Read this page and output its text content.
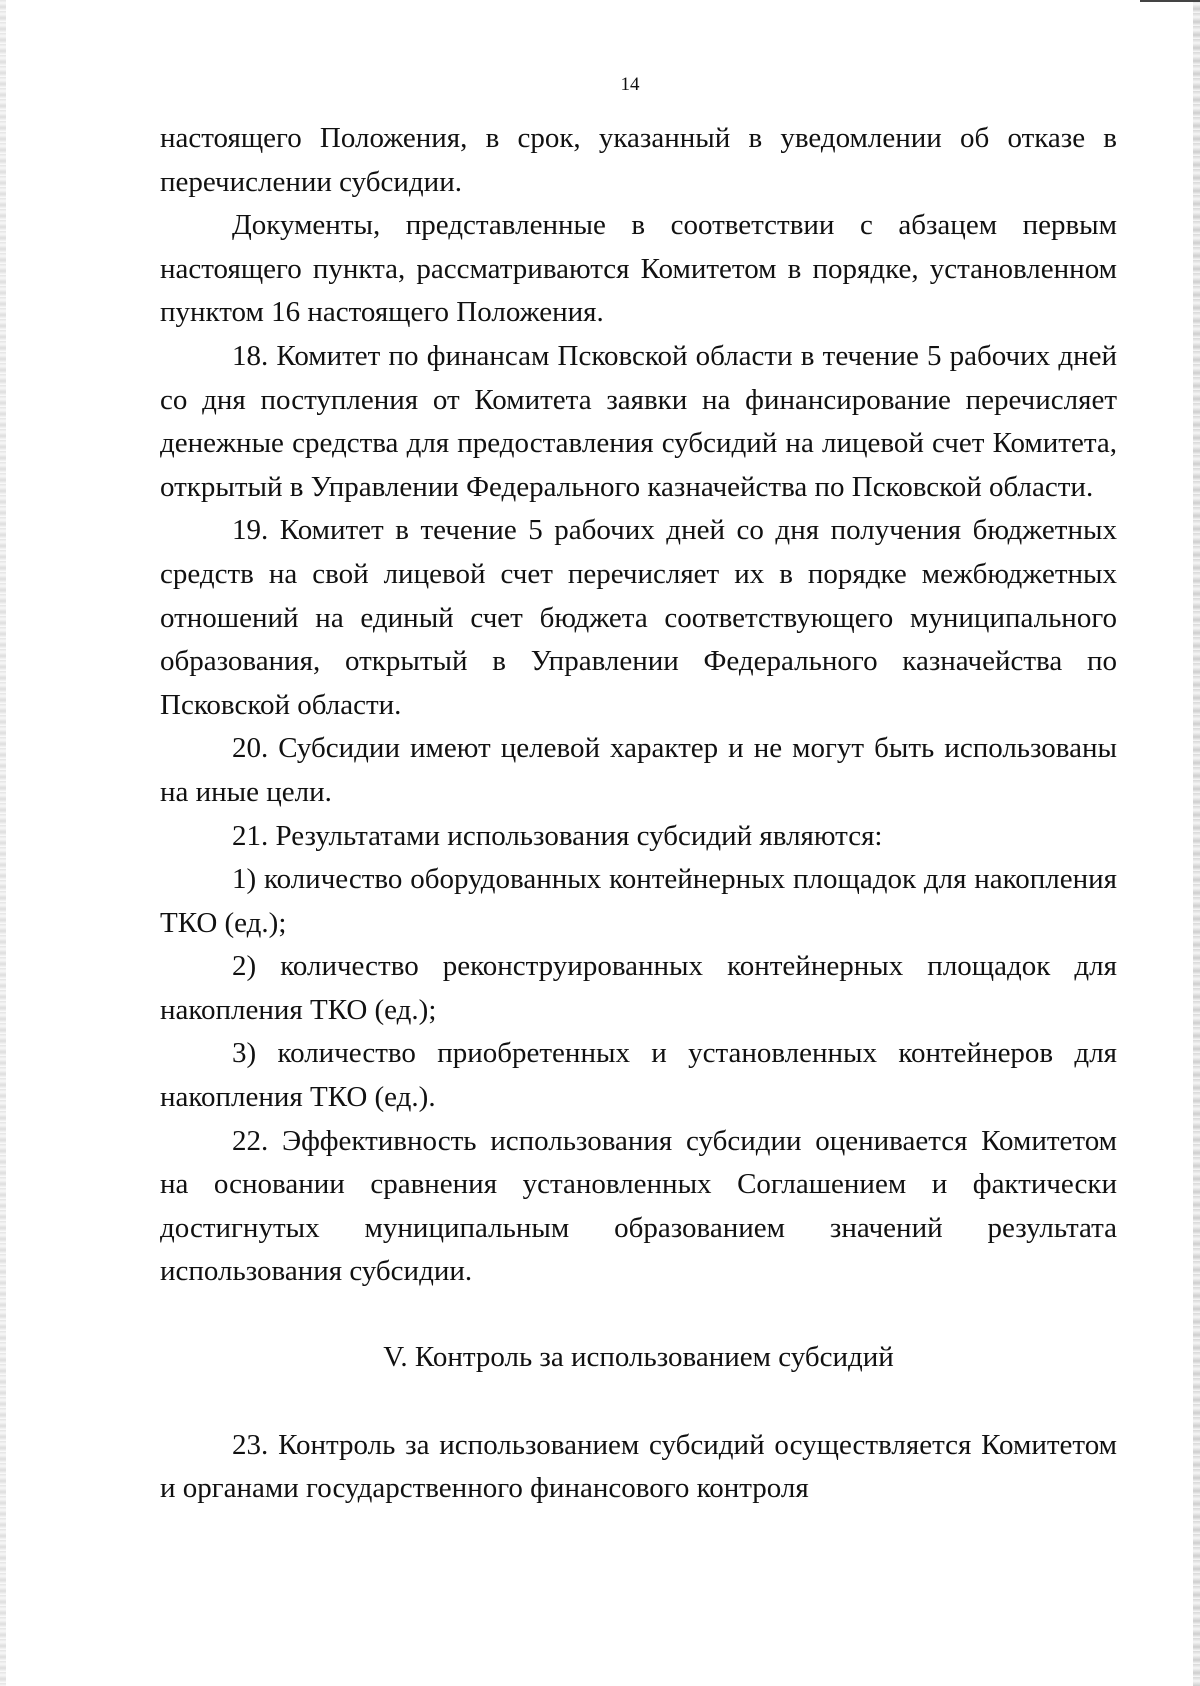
14

настоящего Положения, в срок, указанный в уведомлении об отказе в перечислении субсидии.

Документы, представленные в соответствии с абзацем первым настоящего пункта, рассматриваются Комитетом в порядке, установленном пунктом 16 настоящего Положения.

18. Комитет по финансам Псковской области в течение 5 рабочих дней со дня поступления от Комитета заявки на финансирование перечисляет денежные средства для предоставления субсидий на лицевой счет Комитета, открытый в Управлении Федерального казначейства по Псковской области.

19. Комитет в течение 5 рабочих дней со дня получения бюджетных средств на свой лицевой счет перечисляет их в порядке межбюджетных отношений на единый счет бюджета соответствующего муниципального образования, открытый в Управлении Федерального казначейства по Псковской области.

20. Субсидии имеют целевой характер и не могут быть использованы на иные цели.

21. Результатами использования субсидий являются:

1) количество оборудованных контейнерных площадок для накопления ТКО (ед.);

2) количество реконструированных контейнерных площадок для накопления ТКО (ед.);

3) количество приобретенных и установленных контейнеров для накопления ТКО (ед.).

22. Эффективность использования субсидии оценивается Комитетом на основании сравнения установленных Соглашением и фактически достигнутых муниципальным образованием значений результата использования субсидии.

V. Контроль за использованием субсидий

23. Контроль за использованием субсидий осуществляется Комитетом и органами государственного финансового контроля
